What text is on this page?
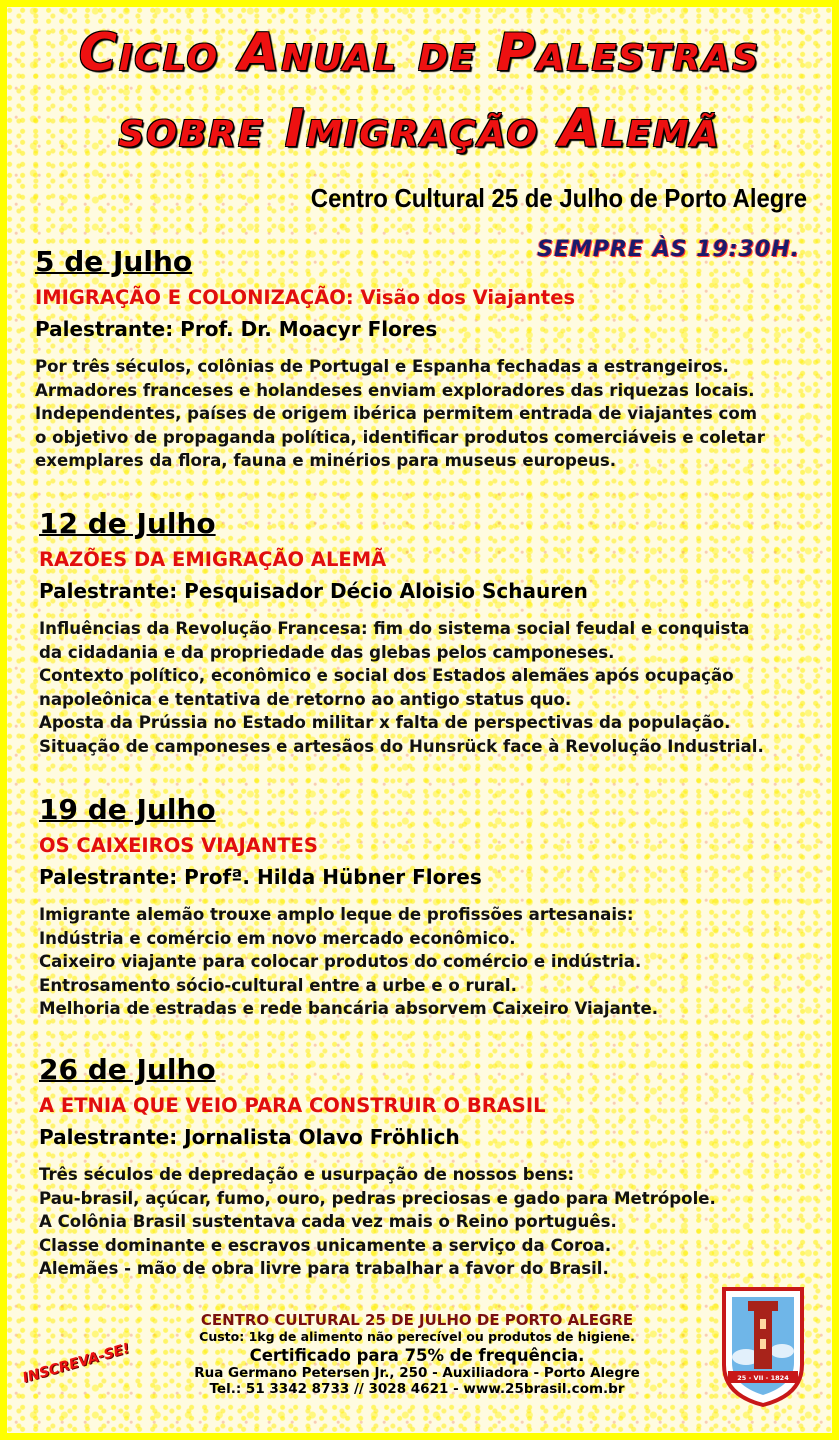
Ciclo Anual de Palestras
sobre Imigração Alemã
Centro Cultural 25 de Julho de Porto Alegre
SEMPRE ÀS 19:30H.
5 de Julho
IMIGRAÇÃO E COLONIZAÇÃO: Visão dos Viajantes
Palestrante: Prof. Dr. Moacyr Flores
Por três séculos, colônias de Portugal e Espanha fechadas a estrangeiros.
Armadores franceses e holandeses enviam exploradores das riquezas locais.
Independentes, países de origem ibérica permitem entrada de viajantes com
o objetivo de propaganda política, identificar produtos comerciáveis e coletar
exemplares da flora, fauna e minérios para museus europeus.
12 de Julho
RAZÕES DA EMIGRAÇÃO ALEMÃ
Palestrante: Pesquisador Décio Aloisio Schauren
Influências da Revolução Francesa: fim do sistema social feudal e conquista
da cidadania e da propriedade das glebas pelos camponeses.
Contexto político, econômico e social dos Estados alemães após ocupação
napoleônica e tentativa de retorno ao antigo status quo.
Aposta da Prússia no Estado militar x falta de perspectivas da população.
Situação de camponeses e artesãos do Hunsrück face à Revolução Industrial.
19 de Julho
OS CAIXEIROS VIAJANTES
Palestrante: Profª. Hilda Hübner Flores
Imigrante alemão trouxe amplo leque de profissões artesanais:
Indústria e comércio em novo mercado econômico.
Caixeiro viajante para colocar produtos do comércio e indústria.
Entrosamento sócio-cultural entre a urbe e o rural.
Melhoria de estradas e rede bancária absorvem Caixeiro Viajante.
26 de Julho
A ETNIA QUE VEIO PARA CONSTRUIR O BRASIL
Palestrante: Jornalista Olavo Fröhlich
Três séculos de depredação e usurpação de nossos bens:
Pau-brasil, açúcar, fumo, ouro, pedras preciosas e gado para Metrópole.
A Colônia Brasil sustentava cada vez mais o Reino português.
Classe dominante e escravos unicamente a serviço da Coroa.
Alemães - mão de obra livre para trabalhar a favor do Brasil.
CENTRO CULTURAL 25 DE JULHO DE PORTO ALEGRE
Custo: 1kg de alimento não perecível ou produtos de higiene.
Certificado para 75% de frequência.
Rua Germano Petersen Jr., 250 - Auxiliadora - Porto Alegre
Tel.: 51 3342 8733 // 3028 4621 - www.25brasil.com.br
INSCREVA-SE!	25 - VII - 1824
